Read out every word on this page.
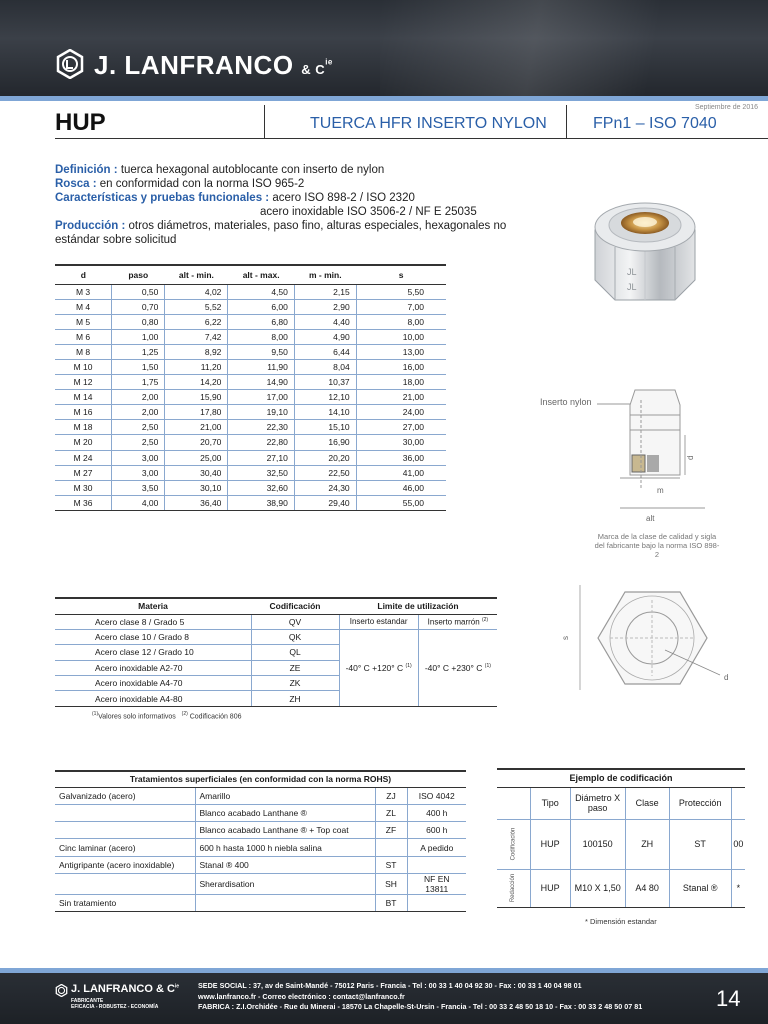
J. LANFRANCO & $C^{ie}$
HUP	TUERCA HFR INSERTO NYLON	FPn1 – ISO 7040
Septiembre de 2016
Definición : tuerca hexagonal autoblocante con inserto de nylon
Rosca : en conformidad con la norma ISO 965-2
Características y pruebas funcionales : acero ISO 898-2 / ISO 2320
acero inoxidable ISO 3506-2 / NF E 25035
Producción : otros diámetros, materiales, paso fino, alturas especiales, hexagonales no estándar sobre solicitud
JL
JL
Inserto nylon
d
m
alt
Marca de la clase de calidad y sigla del fabricante bajo la norma ISO 898-2
s
d
d	paso	alt - min.	alt - max.	m - min.	s
M 3	0,50	4,02	4,50	2,15	5,50
M 4	0,70	5,52	6,00	2,90	7,00
M 5	0,80	6,22	6,80	4,40	8,00
M 6	1,00	7,42	8,00	4,90	10,00
M 8	1,25	8,92	9,50	6,44	13,00
M 10	1,50	11,20	11,90	8,04	16,00
M 12	1,75	14,20	14,90	10,37	18,00
M 14	2,00	15,90	17,00	12,10	21,00
M 16	2,00	17,80	19,10	14,10	24,00
M 18	2,50	21,00	22,30	15,10	27,00
M 20	2,50	20,70	22,80	16,90	30,00
M 24	3,00	25,00	27,10	20,20	36,00
M 27	3,00	30,40	32,50	22,50	41,00
M 30	3,50	30,10	32,60	24,30	46,00
M 36	4,00	36,40	38,90	29,40	55,00
Materia	Codificación	Limite de utilización	
Acero clase 8 / Grado 5	QV	Inserto estandar	Inserto marrón $^{(2)}$
Acero clase 10 / Grado 8	QK	-40° C +120° C $^{(1)}$	-40° C +230° C $^{(1)}$
Acero clase 12 / Grado 10	QL		
Acero inoxidable A2-70	ZE		
Acero inoxidable A4-70	ZK		
Acero inoxidable A4-80	ZH		
$^{(1)}$Valores solo informativos $^{(2)}$ Codificación 806
Tratamientos superficiales (en conformidad con la norma ROHS)			
Galvanizado (acero)	Amarillo	ZJ	ISO 4042
	Blanco acabado Lanthane ®	ZL	400 h
	Blanco acabado Lanthane ® + Top coat	ZF	600 h
Cinc laminar (acero)	600 h hasta 1000 h niebla salina		A pedido
Antigripante (acero inoxidable)	Stanal ® 400	ST	
	Sherardisation	SH	NF EN 13811
Sin tratamiento		BT	
Ejemplo de codificación					
	Tipo	Diámetro X paso	Clase	Protección	
Codificación	HUP	100150	ZH	ST	00
Redacción	HUP	M10 X 1,50	A4 80	Stanal ®	*
* Dimensión estandar
J. LANFRANCO & $C^{ie}$
FABRICANTE
EFICACIA - ROBUSTEZ - ECONOMÍA
SEDE SOCIAL : 37, av de Saint-Mandé - 75012 Paris - Francia - Tel : 00 33 1 40 04 92 30 - Fax : 00 33 1 40 04 98 01
www.lanfranco.fr - Correo electrónico : contact@lanfranco.fr
FABRICA : Z.I.Orchidée - Rue du Minerai - 18570 La Chapelle-St-Ursin - Francia - Tel : 00 33 2 48 50 18 10 - Fax : 00 33 2 48 50 07 81	14
